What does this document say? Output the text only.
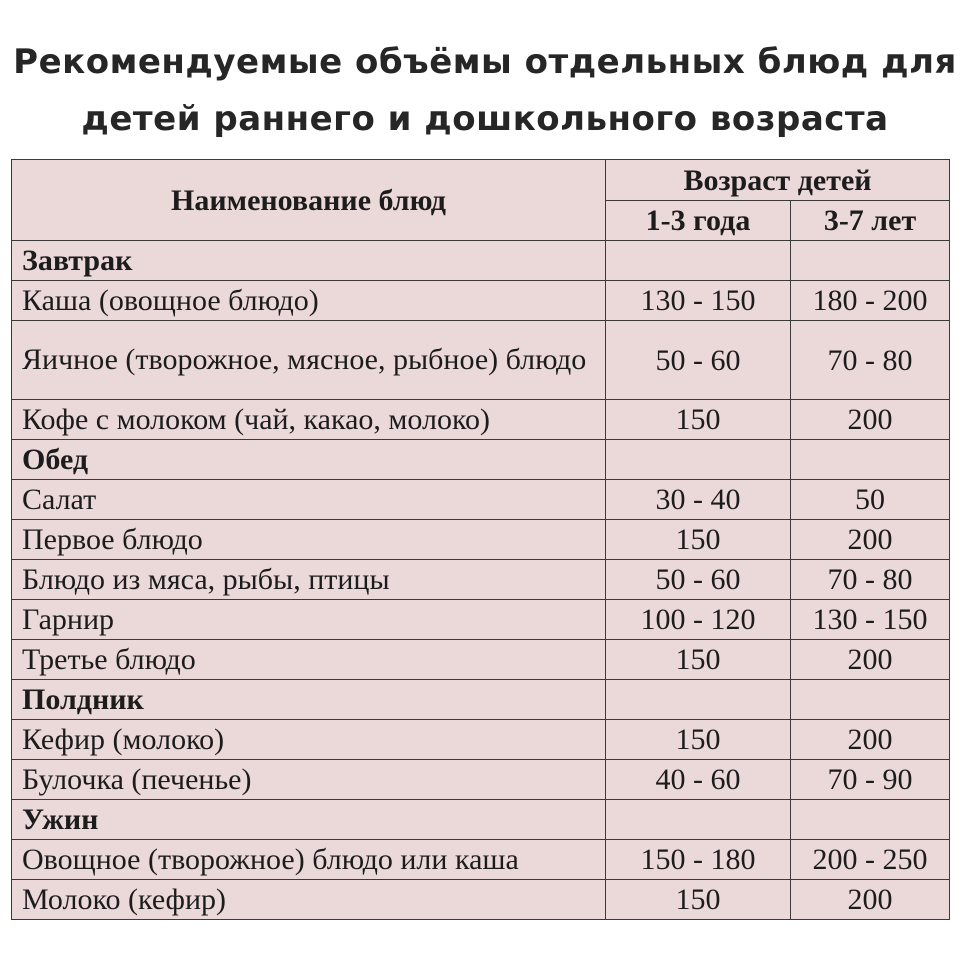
Рекомендуемые объёмы отдельных блюд для
детей раннего и дошкольного возраста
Наименование блюд	Возраст детей	
	1-3 года	3-7 лет
Завтрак		
Каша (овощное блюдо)	130 - 150	180 - 200
Яичное (творожное, мясное, рыбное) блюдо	50 - 60	70 - 80
Кофе с молоком (чай, какао, молоко)	150	200
Обед		
Салат	30 - 40	50
Первое блюдо	150	200
Блюдо из мяса, рыбы, птицы	50 - 60	70 - 80
Гарнир	100 - 120	130 - 150
Третье блюдо	150	200
Полдник		
Кефир (молоко)	150	200
Булочка (печенье)	40 - 60	70 - 90
Ужин		
Овощное (творожное) блюдо или каша	150 - 180	200 - 250
Молоко (кефир)	150	200
